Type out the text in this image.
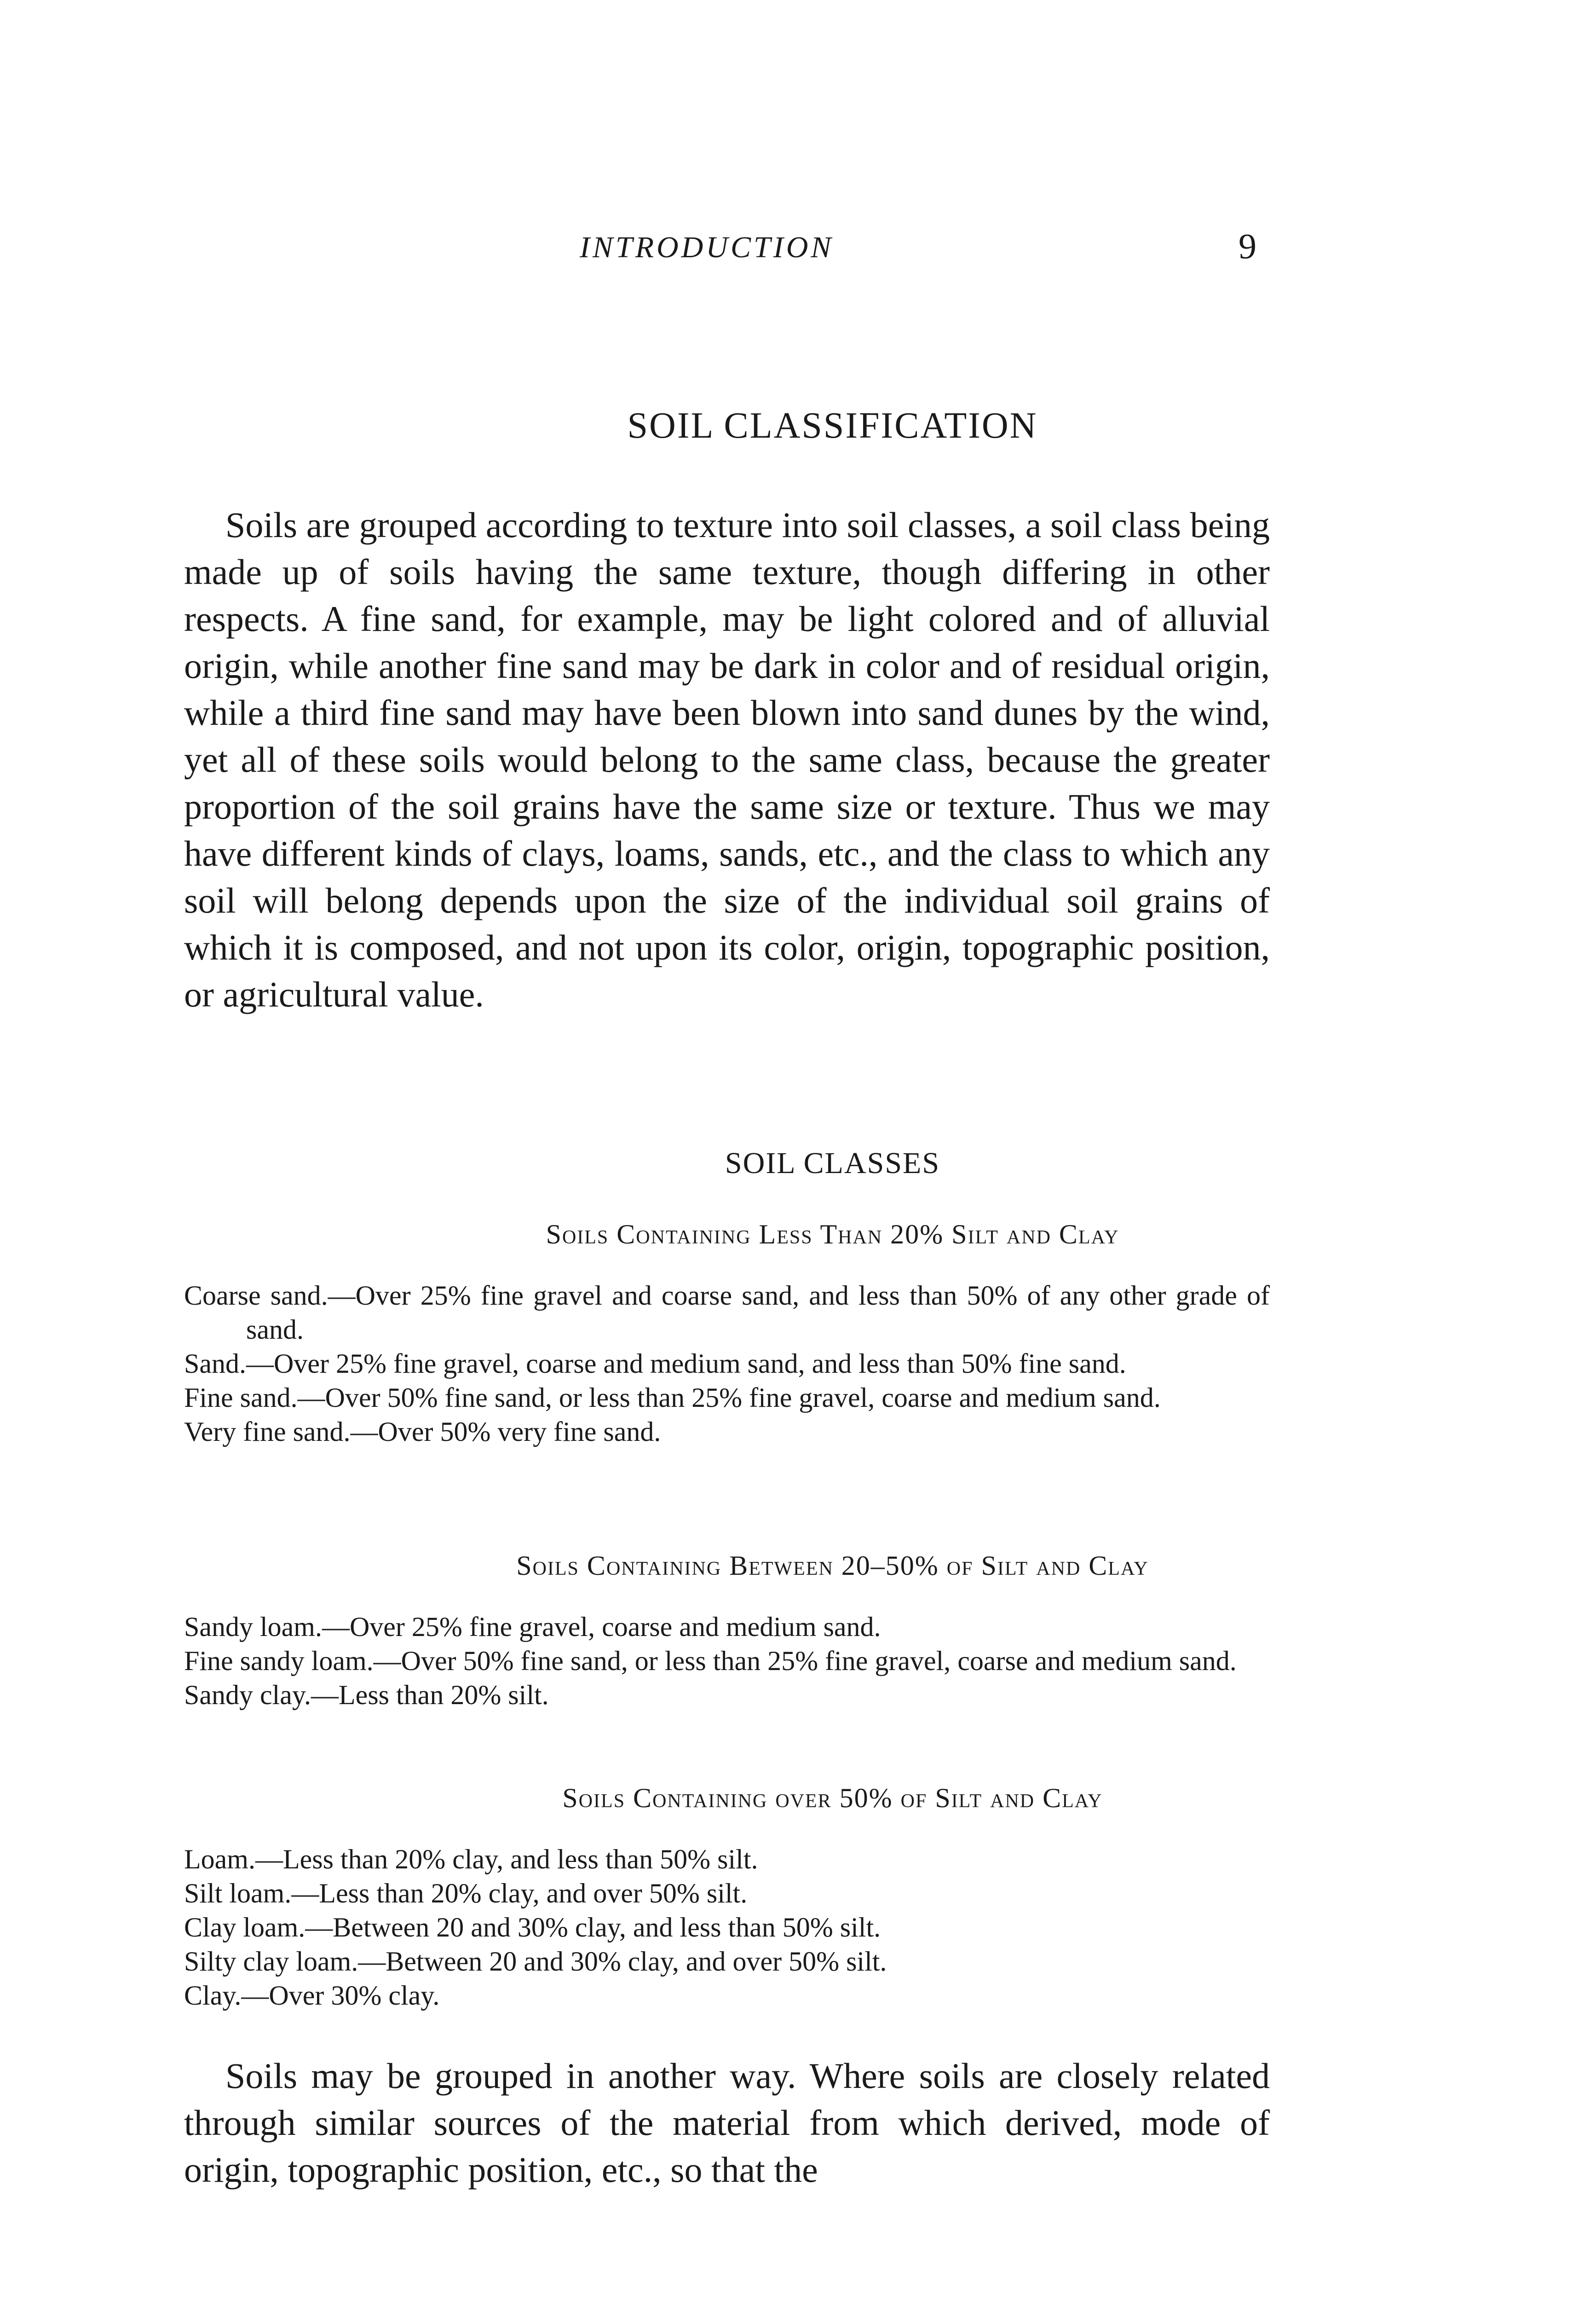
INTRODUCTION	9
SOIL CLASSIFICATION

Soils are grouped according to texture into soil classes, a soil class being made up of soils having the same texture, though differing in other respects. A fine sand, for example, may be light colored and of alluvial origin, while another fine sand may be dark in color and of residual origin, while a third fine sand may have been blown into sand dunes by the wind, yet all of these soils would belong to the same class, because the greater proportion of the soil grains have the same size or texture. Thus we may have different kinds of clays, loams, sands, etc., and the class to which any soil will belong depends upon the size of the individual soil grains of which it is composed, and not upon its color, origin, topographic position, or agricultural value.

SOIL CLASSES
Soils Containing Less Than 20% Silt and Clay
Coarse sand.—Over 25% fine gravel and coarse sand, and less than 50% of any other grade of sand.
Sand.—Over 25% fine gravel, coarse and medium sand, and less than 50% fine sand.
Fine sand.—Over 50% fine sand, or less than 25% fine gravel, coarse and medium sand.
Very fine sand.—Over 50% very fine sand.
Soils Containing Between 20–50% of Silt and Clay
Sandy loam.—Over 25% fine gravel, coarse and medium sand.
Fine sandy loam.—Over 50% fine sand, or less than 25% fine gravel, coarse and medium sand.
Sandy clay.—Less than 20% silt.
Soils Containing over 50% of Silt and Clay
Loam.—Less than 20% clay, and less than 50% silt.
Silt loam.—Less than 20% clay, and over 50% silt.
Clay loam.—Between 20 and 30% clay, and less than 50% silt.
Silty clay loam.—Between 20 and 30% clay, and over 50% silt.
Clay.—Over 30% clay.

Soils may be grouped in another way. Where soils are closely related through similar sources of the material from which derived, mode of origin, topographic position, etc., so that the
